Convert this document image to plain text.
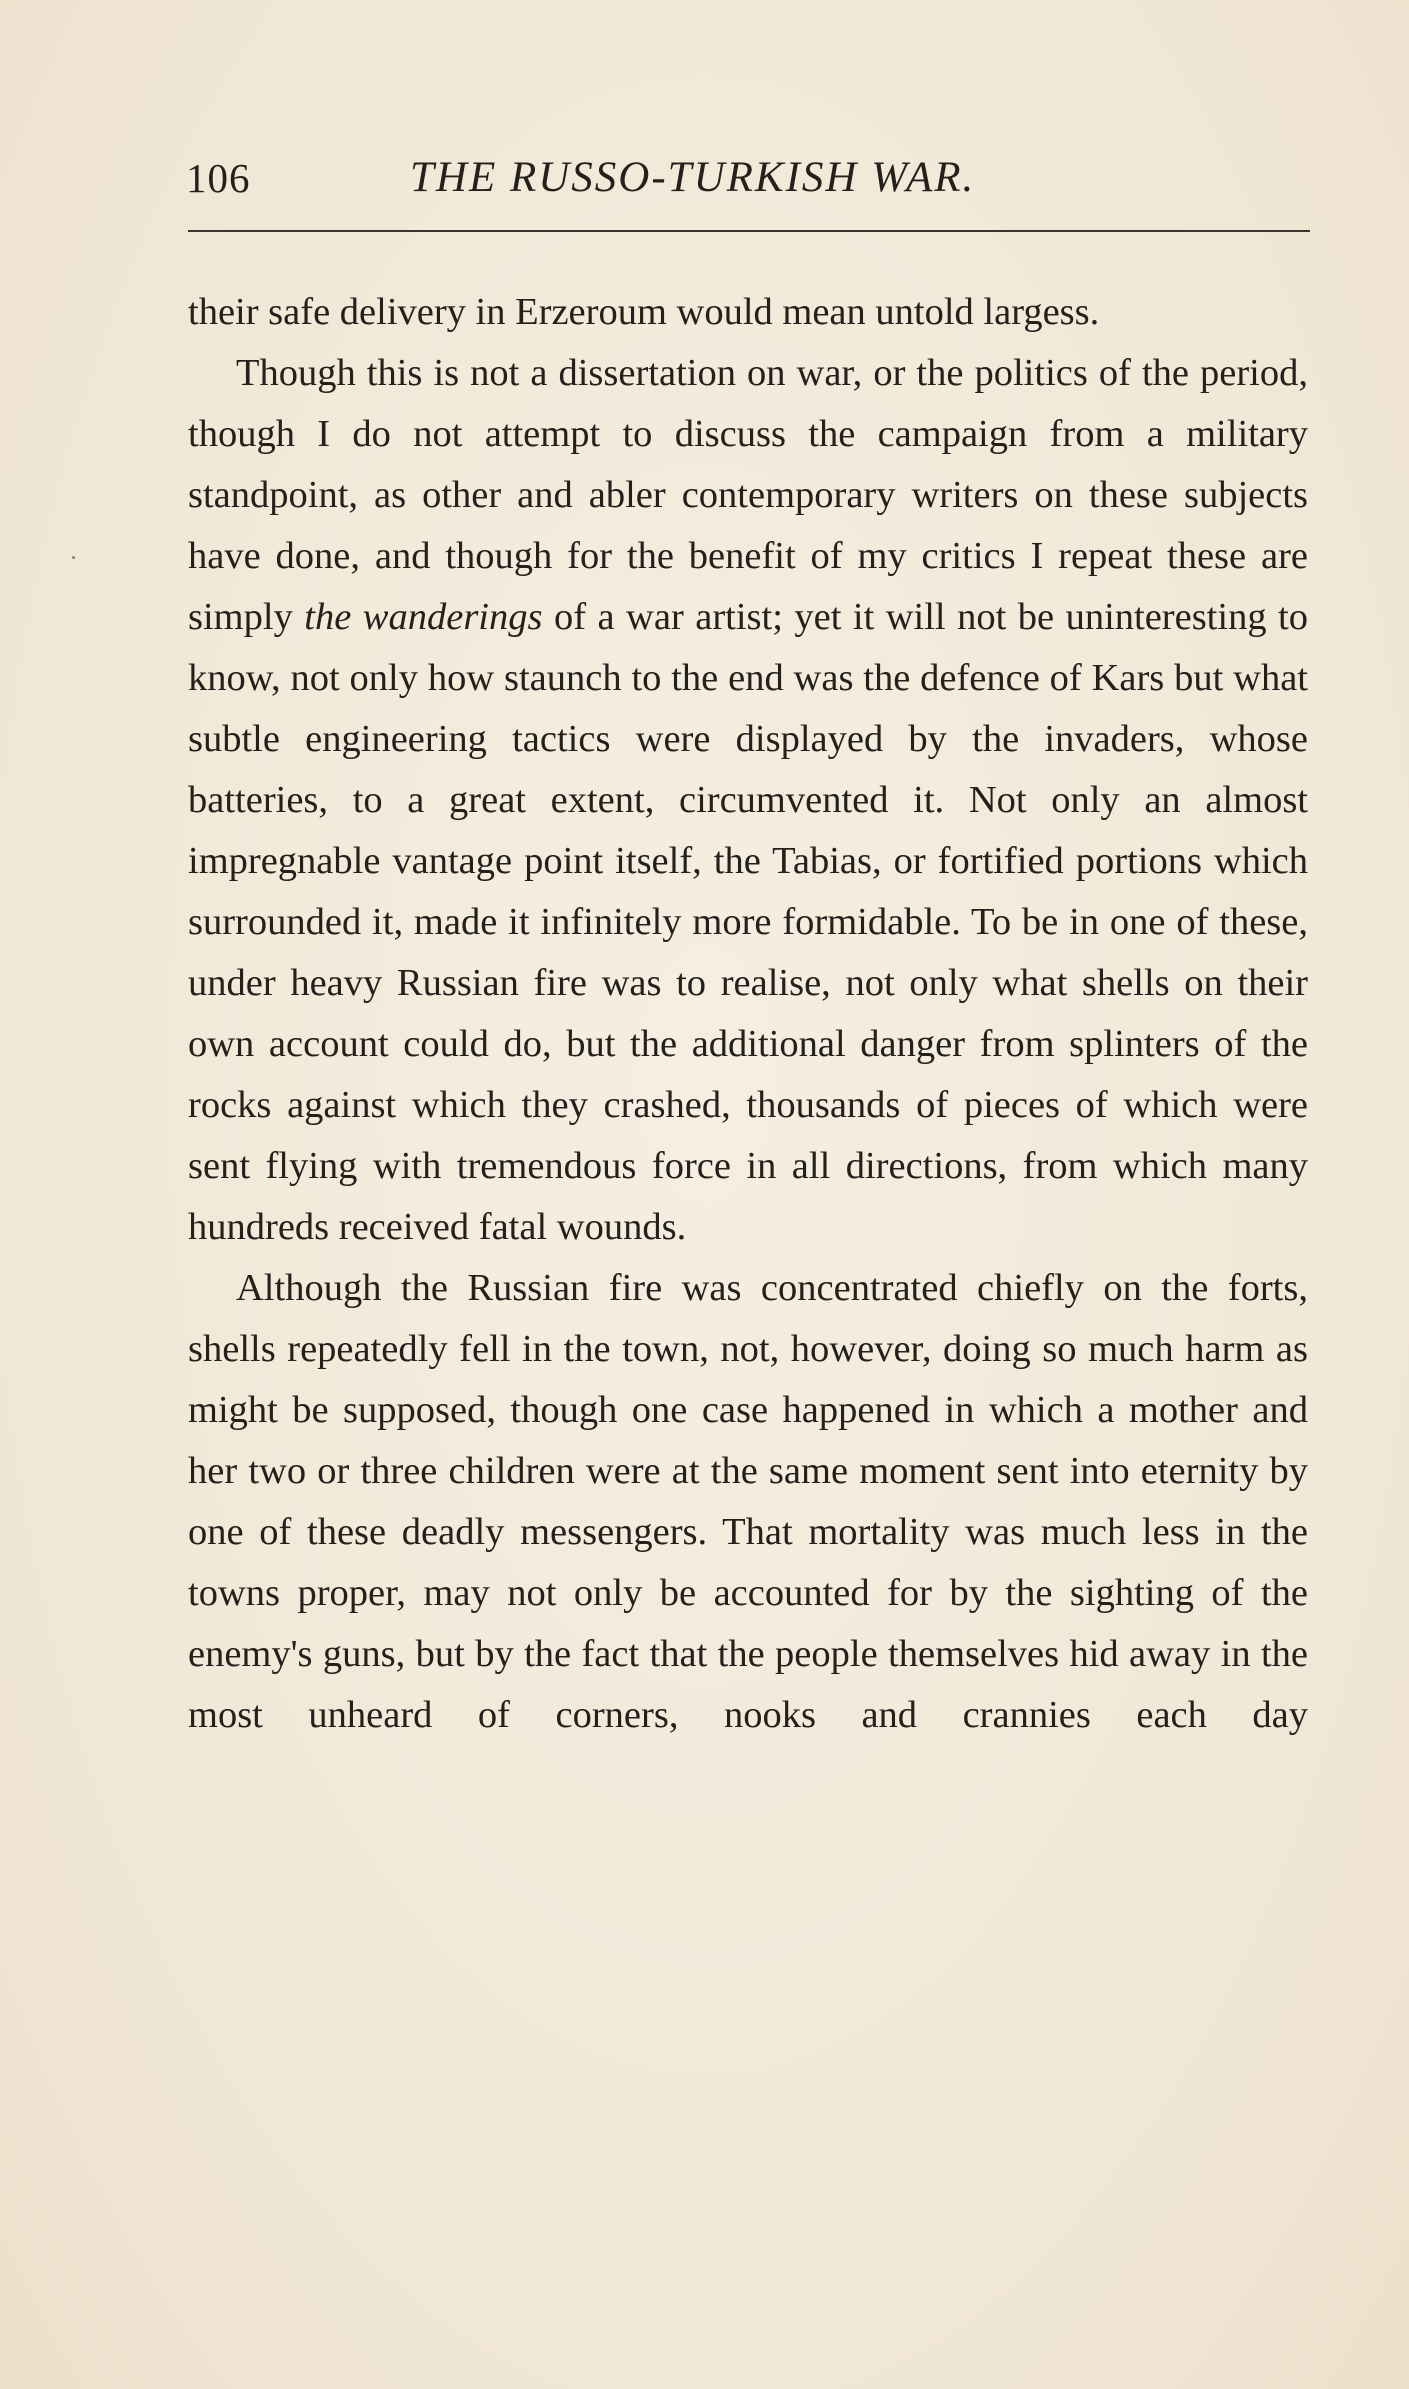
106	THE RUSSO-TURKISH WAR.

their safe delivery in Erzeroum would mean untold largess.

Though this is not a dissertation on war, or the politics of the period, though I do not attempt to discuss the campaign from a military standpoint, as other and abler contemporary writers on these subjects have done, and though for the benefit of my critics I repeat these are simply the wanderings of a war artist; yet it will not be uninteresting to know, not only how staunch to the end was the defence of Kars but what subtle engineering tactics were displayed by the invaders, whose batteries, to a great extent, circumvented it. Not only an almost impregnable vantage point itself, the Tabias, or fortified portions which surrounded it, made it infinitely more formidable. To be in one of these, under heavy Russian fire was to realise, not only what shells on their own account could do, but the additional danger from splinters of the rocks against which they crashed, thousands of pieces of which were sent flying with tremendous force in all directions, from which many hundreds received fatal wounds.

Although the Russian fire was concentrated chiefly on the forts, shells repeatedly fell in the town, not, however, doing so much harm as might be supposed, though one case happened in which a mother and her two or three children were at the same moment sent into eternity by one of these deadly messengers. That mortality was much less in the towns proper, may not only be accounted for by the sighting of the enemy's guns, but by the fact that the people themselves hid away in the most unheard of corners, nooks and crannies each day
